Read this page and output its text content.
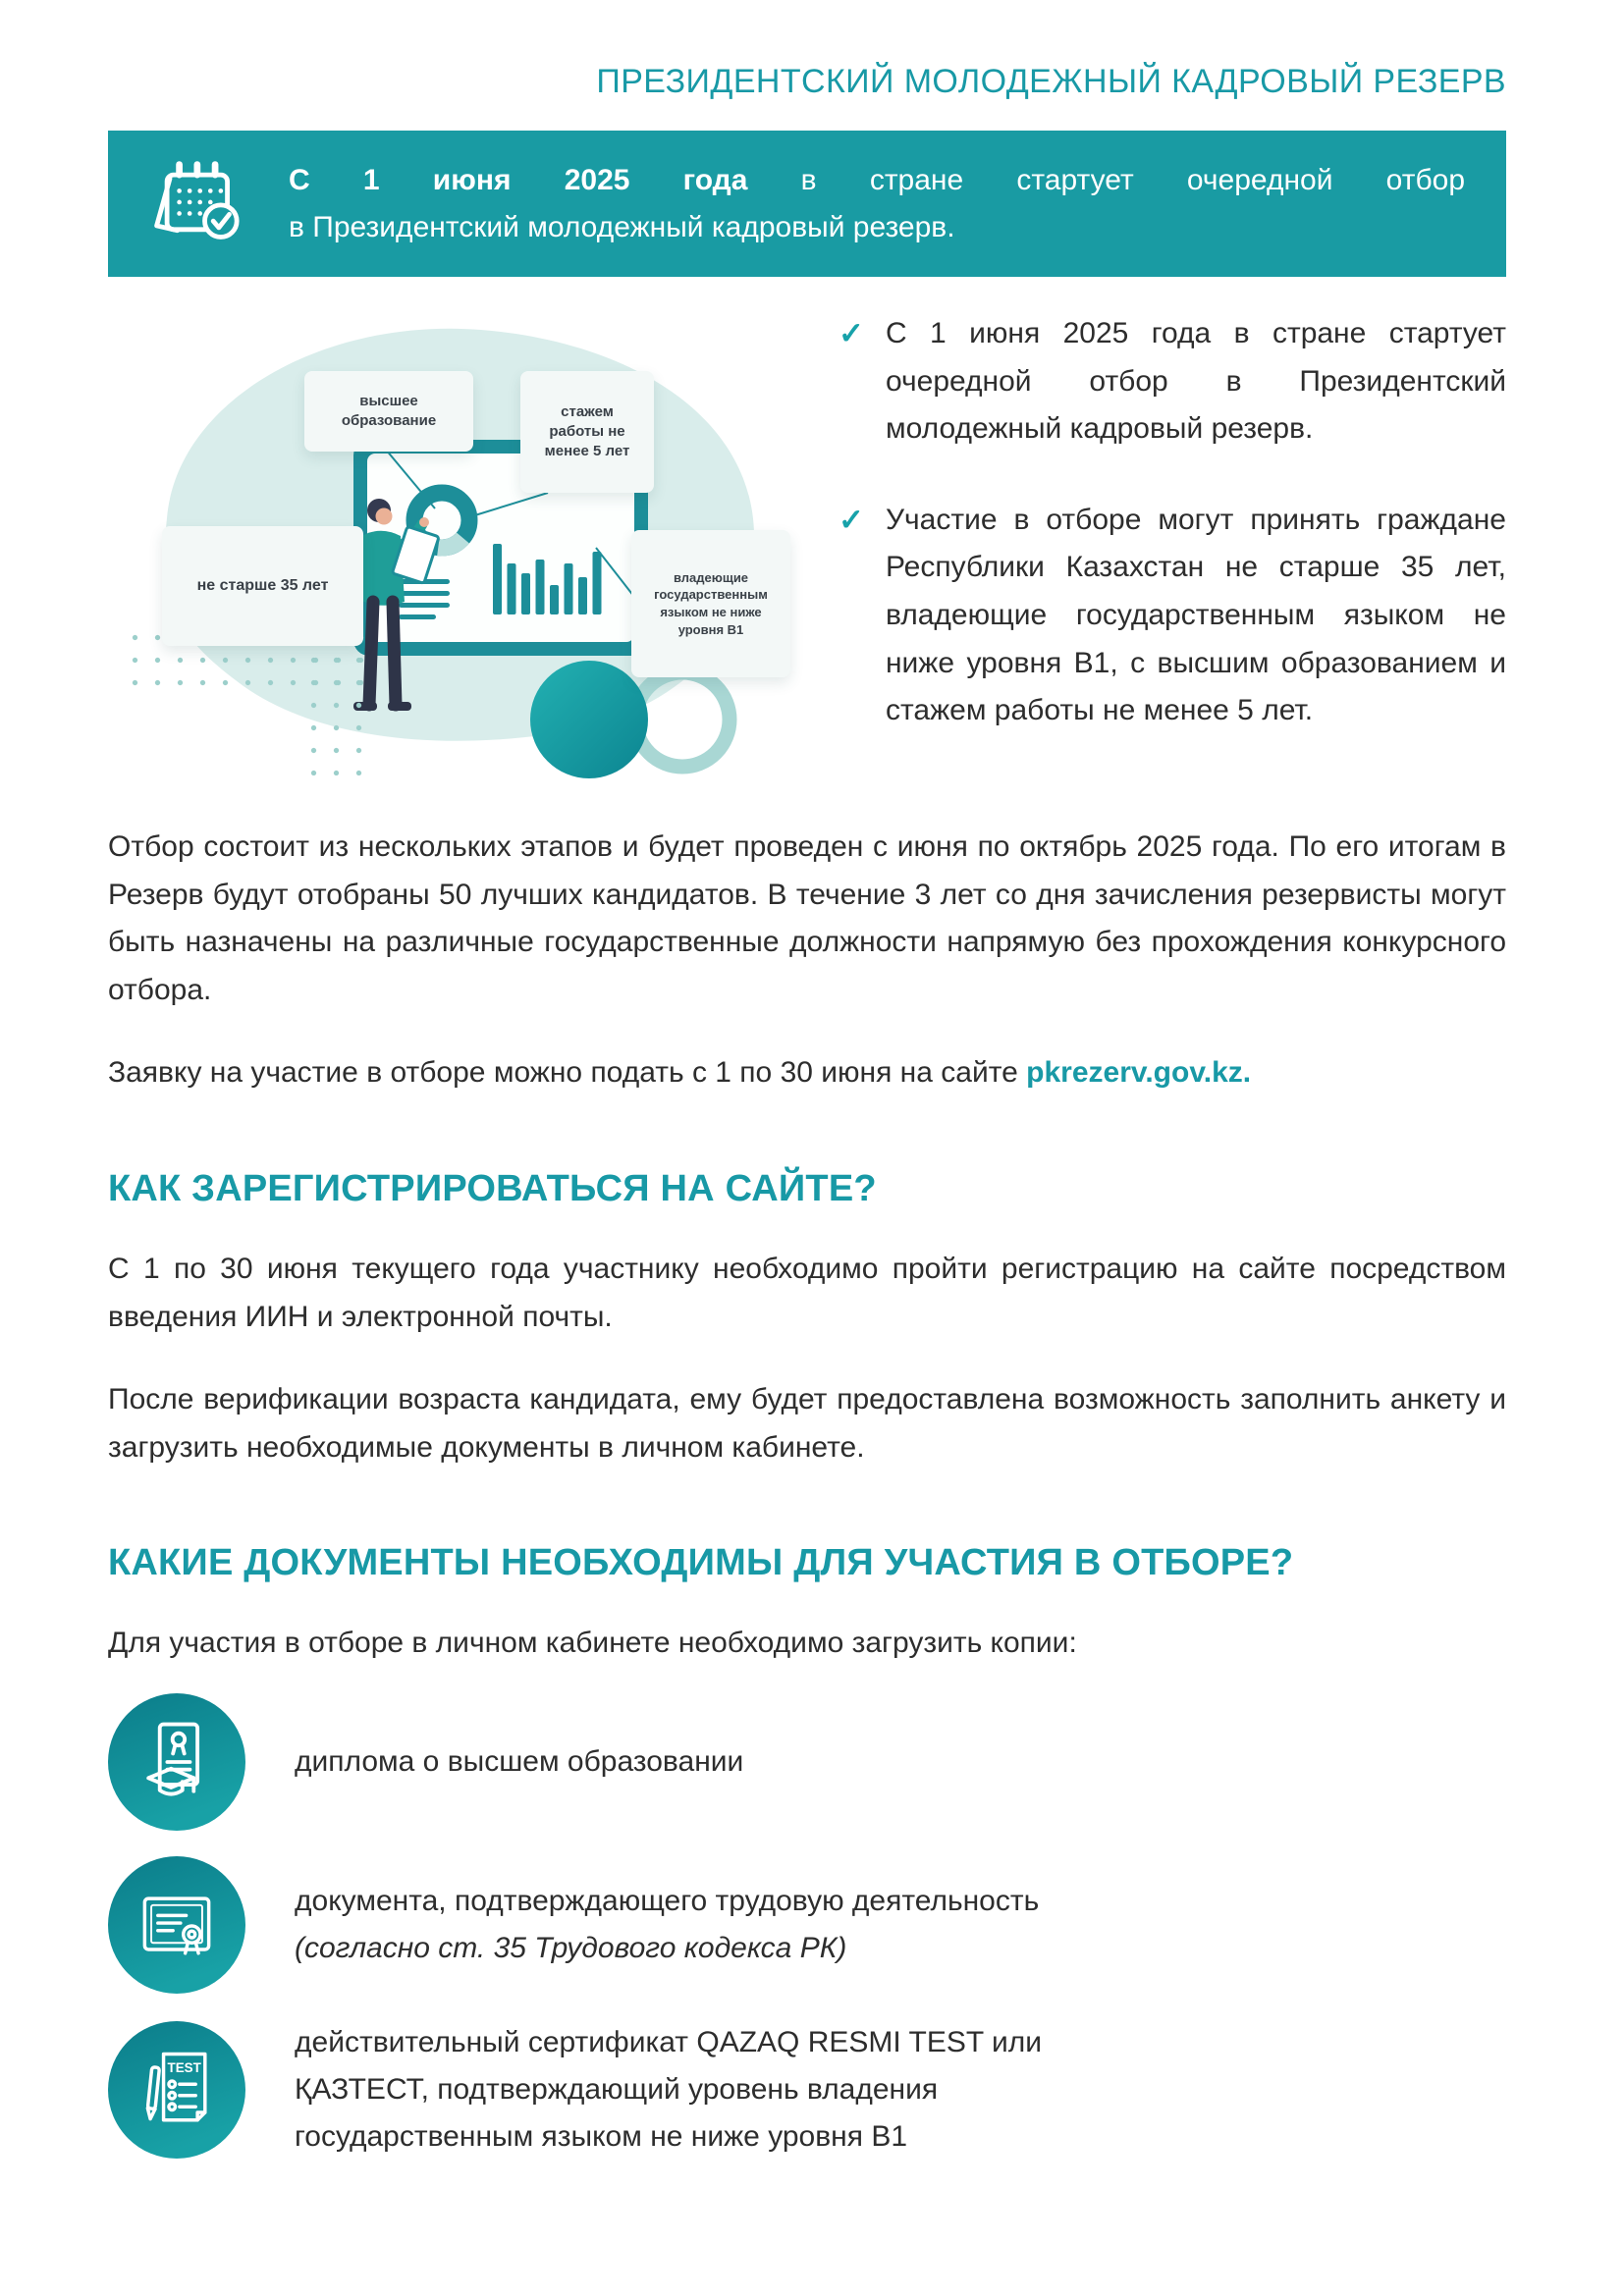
ПРЕЗИДЕНТСКИЙ МОЛОДЕЖНЫЙ КАДРОВЫЙ РЕЗЕРВ
С 1 июня 2025 года в стране стартует очередной отбор
в Президентский молодежный кадровый резерв.
высшее образование
стажем работы не менее 5 лет
не старше 35 лет	владеющие государственным языком не ниже уровня В1
✓ С 1 июня 2025 года в стране стартует очередной отбор в Президентский молодежный кадровый резерв.
✓ Участие в отборе могут принять граждане Республики Казахстан не старше 35 лет, владеющие государственным языком не ниже уровня В1, с высшим образованием и стажем работы не менее 5 лет.

Отбор состоит из нескольких этапов и будет проведен с июня по октябрь 2025 года. По его итогам в Резерв будут отобраны 50 лучших кандидатов. В течение 3 лет со дня зачисления резервисты могут быть назначены на различные государственные должности напрямую без прохождения конкурсного отбора.

Заявку на участие в отборе можно подать с 1 по 30 июня на сайте pkrezerv.gov.kz.

КАК ЗАРЕГИСТРИРОВАТЬСЯ НА САЙТЕ?

С 1 по 30 июня текущего года участнику необходимо пройти регистрацию на сайте посредством введения ИИН и электронной почты.

После верификации возраста кандидата, ему будет предоставлена возможность заполнить анкету и загрузить необходимые документы в личном кабинете.

КАКИЕ ДОКУМЕНТЫ НЕОБХОДИМЫ ДЛЯ УЧАСТИЯ В ОТБОРЕ?

Для участия в отборе в личном кабинете необходимо загрузить копии:

диплома о высшем образовании
документа, подтверждающего трудовую деятельность
(согласно ст. 35 Трудового кодекса РК)
TEST
действительный сертификат QAZAQ RESMI TEST или ҚАЗТЕСТ, подтверждающий уровень владения государственным языком не ниже уровня В1
